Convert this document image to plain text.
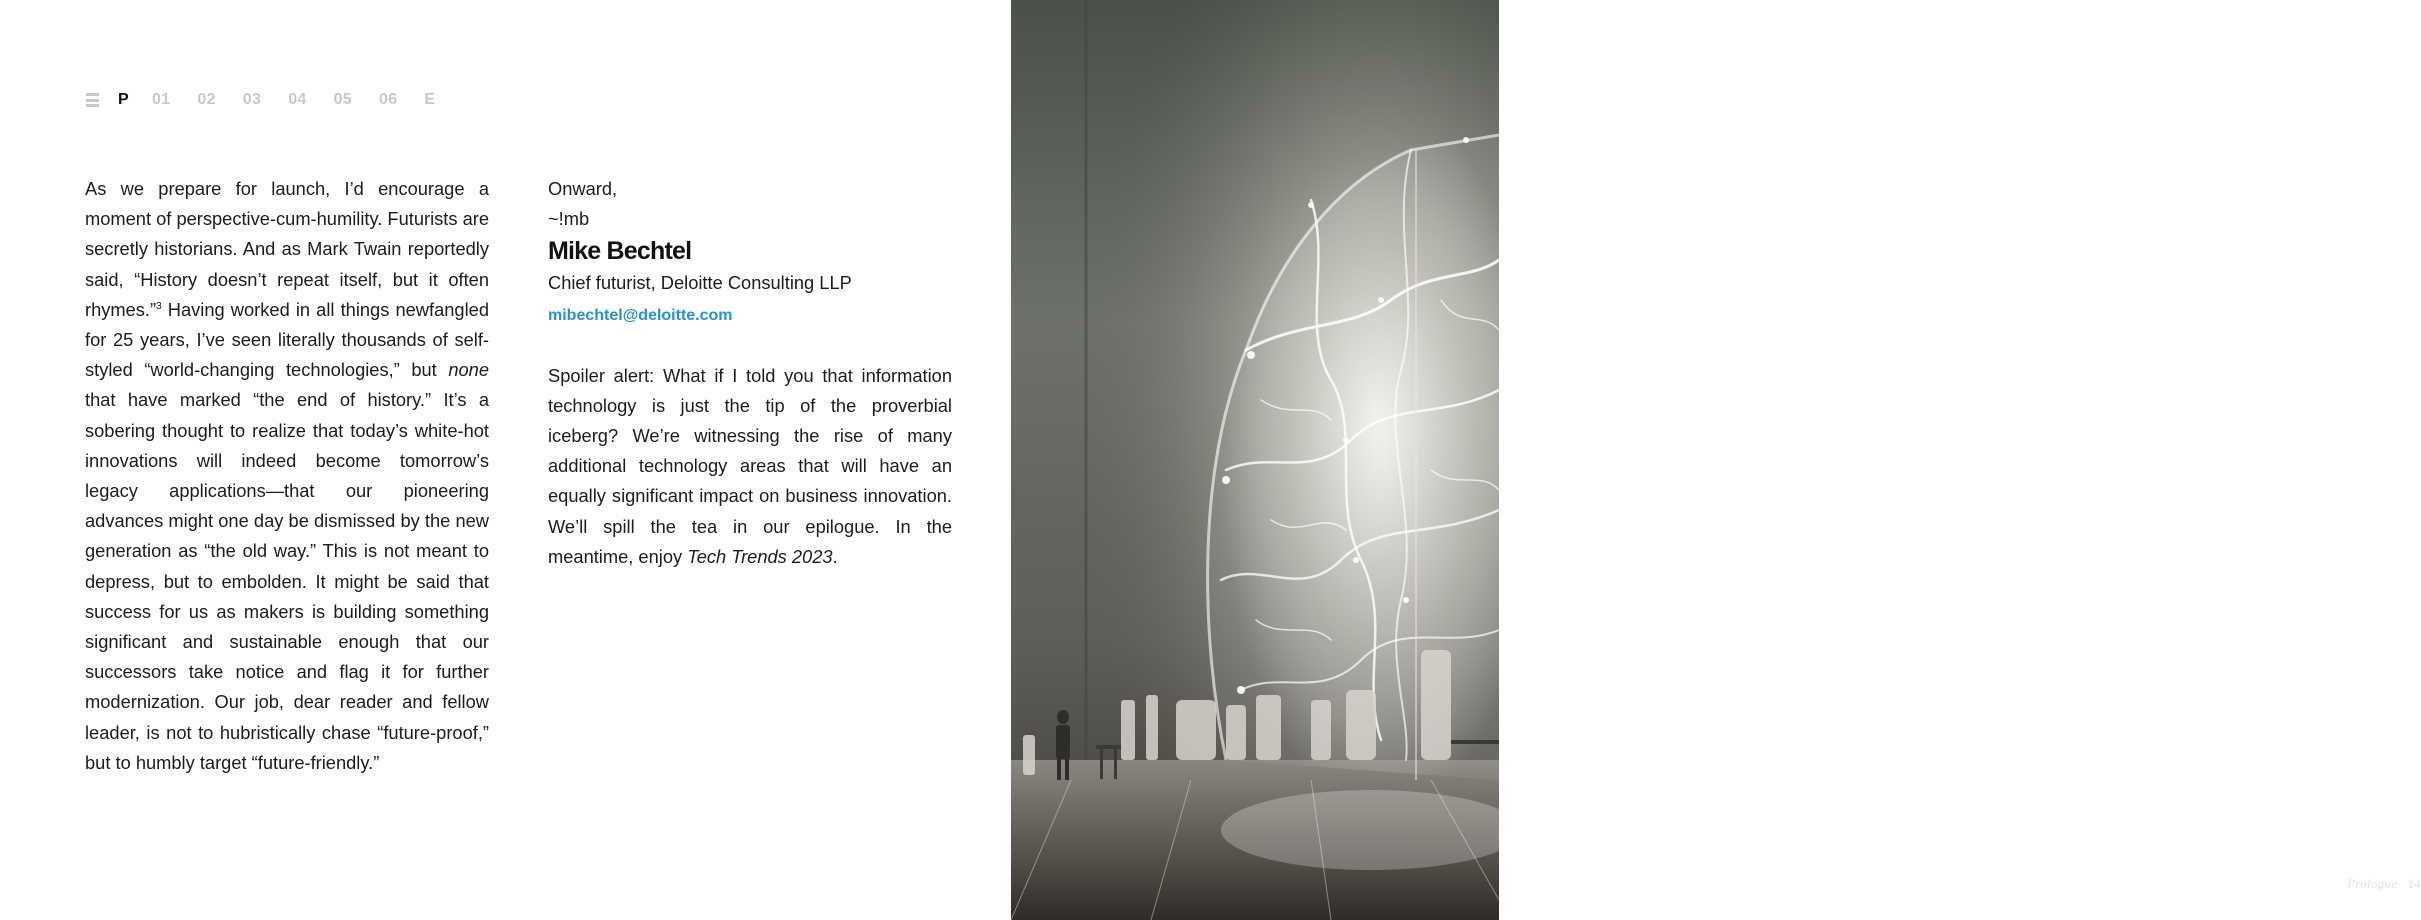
P 01 02 03 04 05 06 E

As we prepare for launch, I’d encourage a moment of perspective-cum-humility. Futurists are secretly historians. And as Mark Twain reportedly said, “History doesn’t repeat itself, but it often rhymes.”$^3$ Having worked in all things newfangled for 25 years, I’ve seen literally thousands of self-styled “world-changing technologies,” but none that have marked “the end of history.” It’s a sobering thought to realize that today’s white-hot innovations will indeed become tomorrow’s legacy applications—that our pioneering advances might one day be dismissed by the new generation as “the old way.” This is not meant to depress, but to embolden. It might be said that success for us as makers is building something significant and sustainable enough that our successors take notice and flag it for further modernization. Our job, dear reader and fellow leader, is not to hubristically chase “future-proof,” but to humbly target “future-friendly.”

Onward,

~!mb

Mike Bechtel

Chief futurist, Deloitte Consulting LLP

mibechtel@deloitte.com

Spoiler alert: What if I told you that information technology is just the tip of the proverbial iceberg? We’re witnessing the rise of many additional technology areas that will have an equally significant impact on business innovation. We’ll spill the tea in our epilogue. In the meantime, enjoy Tech Trends 2023.

Prologue 14
